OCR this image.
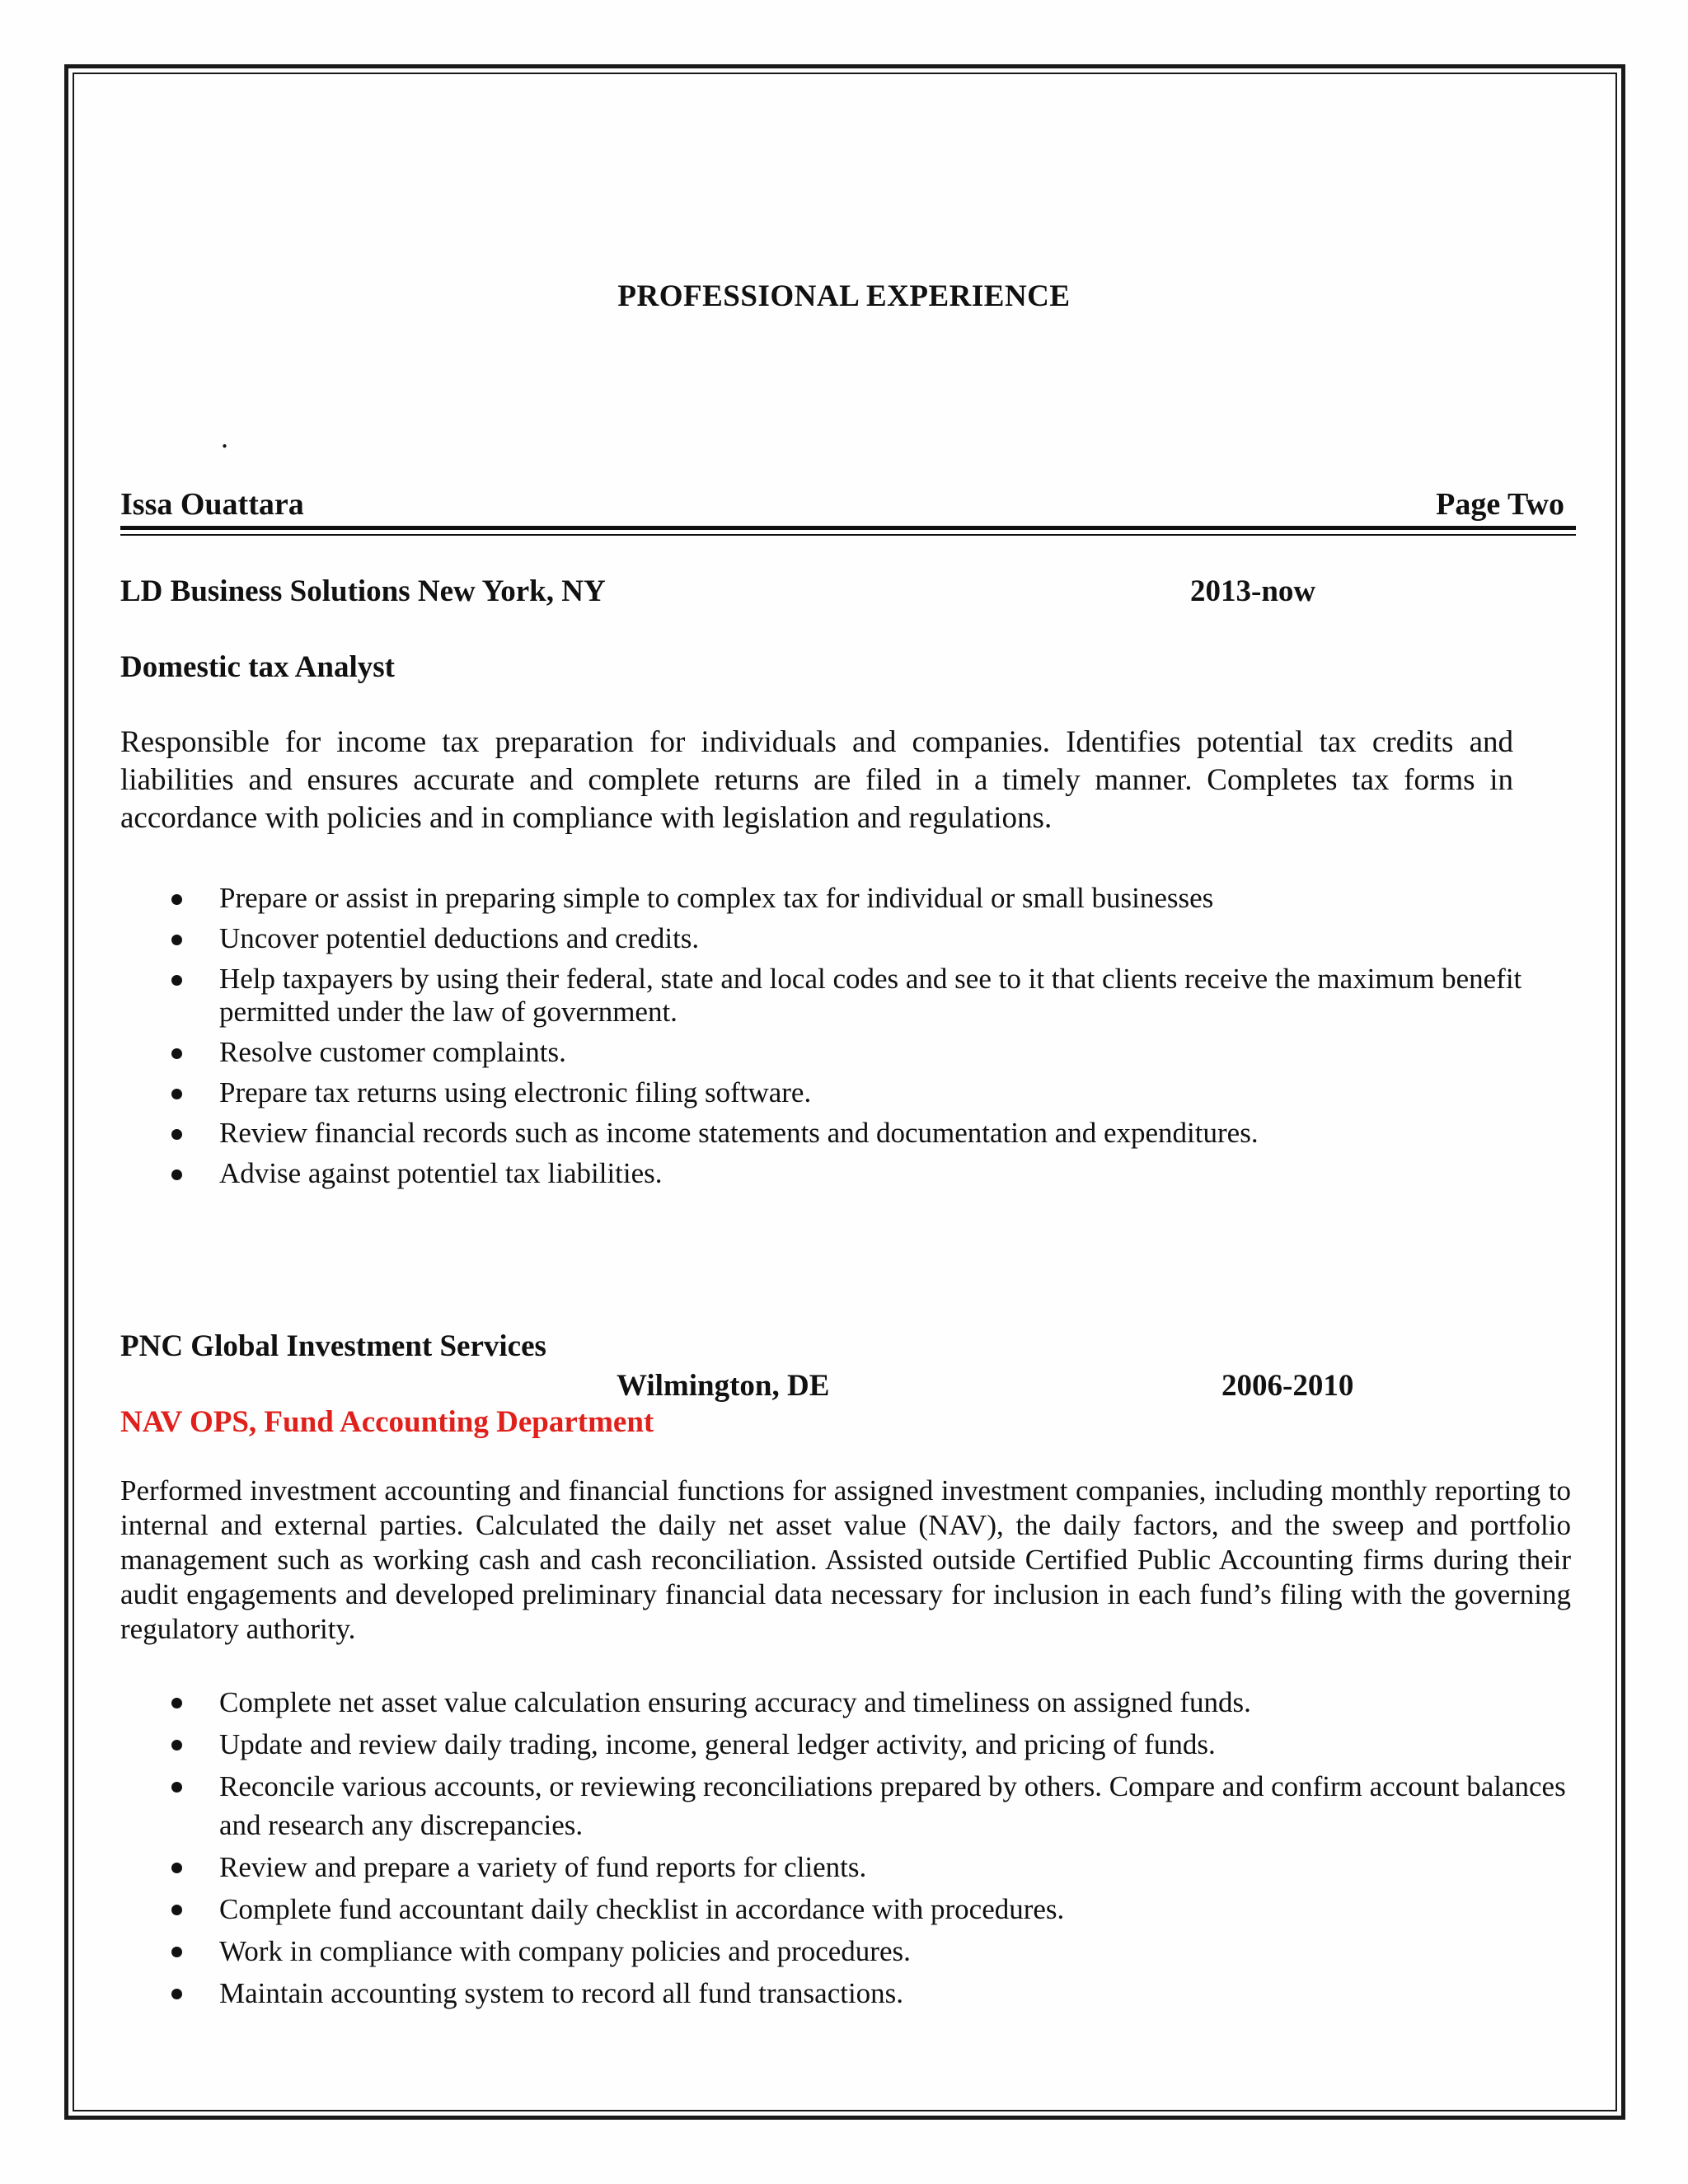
PROFESSIONAL EXPERIENCE
.
Issa Ouattara	Page Two
LD Business Solutions New York, NY	2013-now
Domestic tax Analyst

Responsible for income tax preparation for individuals and companies. Identifies potential tax credits and liabilities and ensures accurate and complete returns are filed in a timely manner. Completes tax forms in accordance with policies and in compliance with legislation and regulations.

Prepare or assist in preparing simple to complex tax for individual or small businesses
Uncover potentiel deductions and credits.
Help taxpayers by using their federal, state and local codes and see to it that clients receive the maximum benefit permitted under the law of government.
Resolve customer complaints.
Prepare tax returns using electronic filing software.
Review financial records such as income statements and documentation and expenditures.
Advise against potentiel tax liabilities.
PNC Global Investment Services
Wilmington, DE	2006-2010
NAV OPS, Fund Accounting Department

Performed investment accounting and financial functions for assigned investment companies, including monthly reporting to internal and external parties. Calculated the daily net asset value (NAV), the daily factors, and the sweep and portfolio management such as working cash and cash reconciliation. Assisted outside Certified Public Accounting firms during their audit engagements and developed preliminary financial data necessary for inclusion in each fund’s filing with the governing regulatory authority.

Complete net asset value calculation ensuring accuracy and timeliness on assigned funds.
Update and review daily trading, income, general ledger activity, and pricing of funds.
Reconcile various accounts, or reviewing reconciliations prepared by others. Compare and confirm account balances and research any discrepancies.
Review and prepare a variety of fund reports for clients.
Complete fund accountant daily checklist in accordance with procedures.
Work in compliance with company policies and procedures.
Maintain accounting system to record all fund transactions.
